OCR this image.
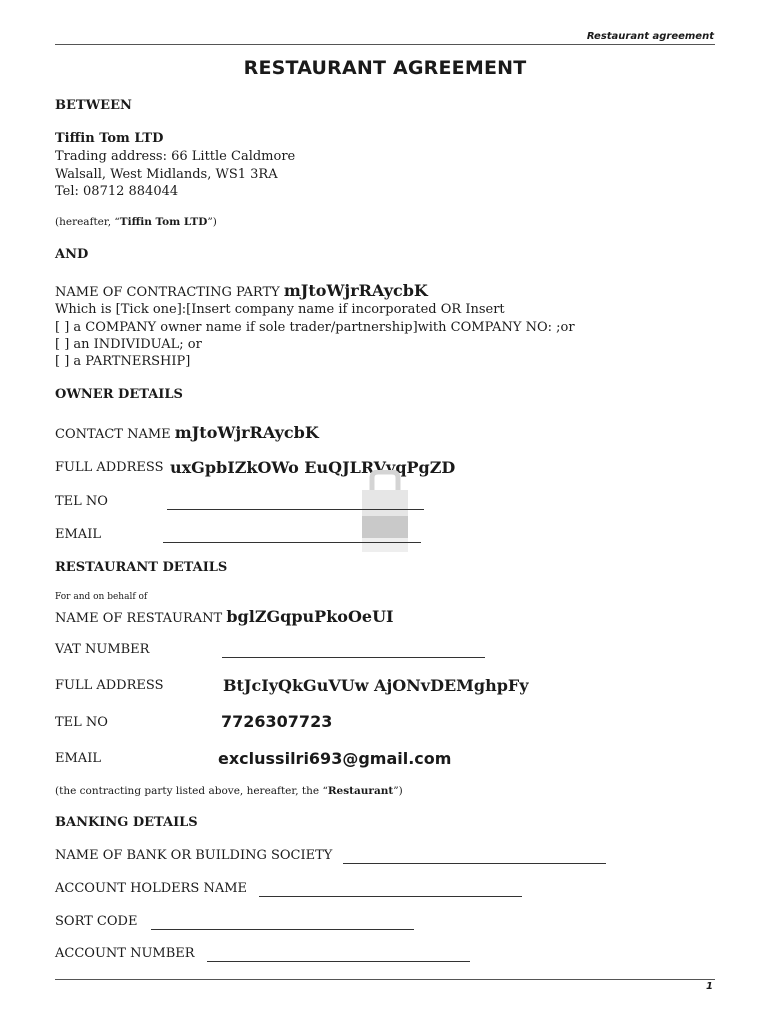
Restaurant agreement
RESTAURANT AGREEMENT
BETWEEN
Tiffin Tom LTD
Trading address: 66 Little Caldmore
Walsall, West Midlands, WS1 3RA
Tel: 08712 884044
(hereafter, “Tiffin Tom LTD”)
AND
NAME OF CONTRACTING PARTY mJtoWjrRAycbK
Which is [Tick one]:[Insert company name if incorporated OR Insert
[ ] a COMPANY owner name if sole trader/partnership]with COMPANY NO: ;or
[ ] an INDIVIDUAL; or
[ ] a PARTNERSHIP]
OWNER DETAILS
CONTACT NAME mJtoWjrRAycbK
FULL ADDRESS uxGpbIZkOWo EuQJLRVvqPgZD
TEL NO
EMAIL
RESTAURANT DETAILS
For and on behalf of
NAME OF RESTAURANT bglZGqpuPkoOeUI
VAT NUMBER
FULL ADDRESS	BtJcIyQkGuVUw AjONvDEMghpFy
TEL NO	7726307723
EMAIL	exclussilri693@gmail.com
(the contracting party listed above, hereafter, the “Restaurant”)
BANKING DETAILS
NAME OF BANK OR BUILDING SOCIETY
ACCOUNT HOLDERS NAME
SORT CODE
ACCOUNT NUMBER
1
